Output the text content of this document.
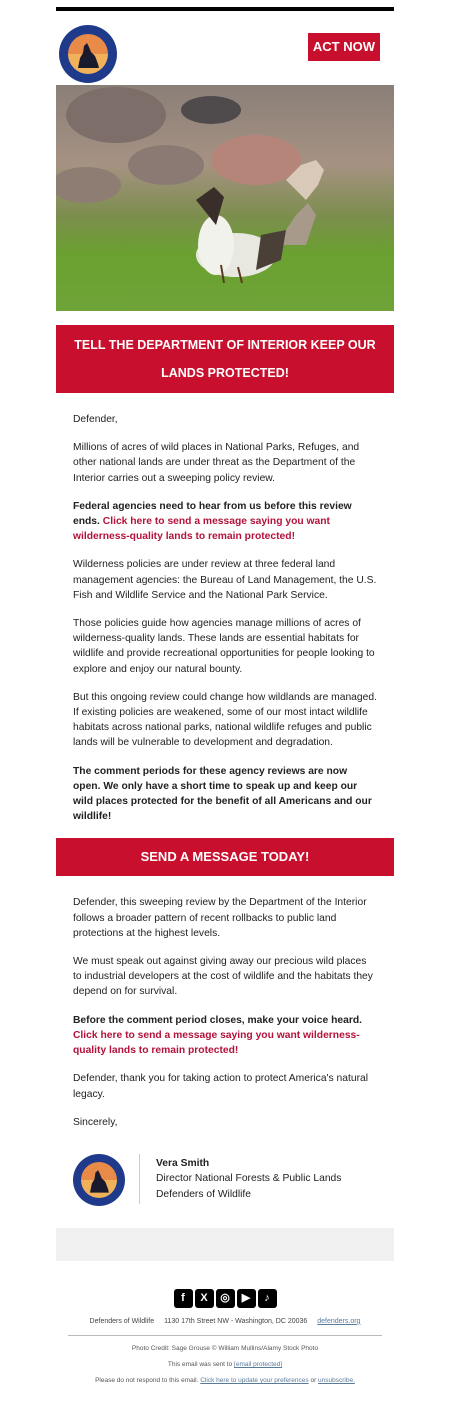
ACT NOW
TELL THE DEPARTMENT OF INTERIOR KEEP OUR LANDS PROTECTED!

Defender,

Millions of acres of wild places in National Parks, Refuges, and other national lands are under threat as the Department of the Interior carries out a sweeping policy review.

Federal agencies need to hear from us before this review ends. Click here to send a message saying you want wilderness-quality lands to remain protected!

Wilderness policies are under review at three federal land management agencies: the Bureau of Land Management, the U.S. Fish and Wildlife Service and the National Park Service.

Those policies guide how agencies manage millions of acres of wilderness-quality lands. These lands are essential habitats for wildlife and provide recreational opportunities for people looking to explore and enjoy our natural bounty.

But this ongoing review could change how wildlands are managed. If existing policies are weakened, some of our most intact wildlife habitats across national parks, national wildlife refuges and public lands will be vulnerable to development and degradation.

The comment periods for these agency reviews are now open. We only have a short time to speak up and keep our wild places protected for the benefit of all Americans and our wildlife!

SEND A MESSAGE TODAY!

Defender, this sweeping review by the Department of the Interior follows a broader pattern of recent rollbacks to public land protections at the highest levels.

We must speak out against giving away our precious wild places to industrial developers at the cost of wildlife and the habitats they depend on for survival.

Before the comment period closes, make your voice heard. Click here to send a message saying you want wilderness-quality lands to remain protected!

Defender, thank you for taking action to protect America's natural legacy.

Sincerely,

Vera Smith
Director National Forests & Public Lands
Defenders of Wildlife
f	X	◎	▶	♪
Defenders of Wildlife 1130 17th Street NW - Washington, DC 20036 defenders.org
Photo Credit: Sage Grouse © William Mullins/Alamy Stock Photo
This email was sent to [email protected]
Please do not respond to this email. Click here to update your preferences or unsubscribe.
